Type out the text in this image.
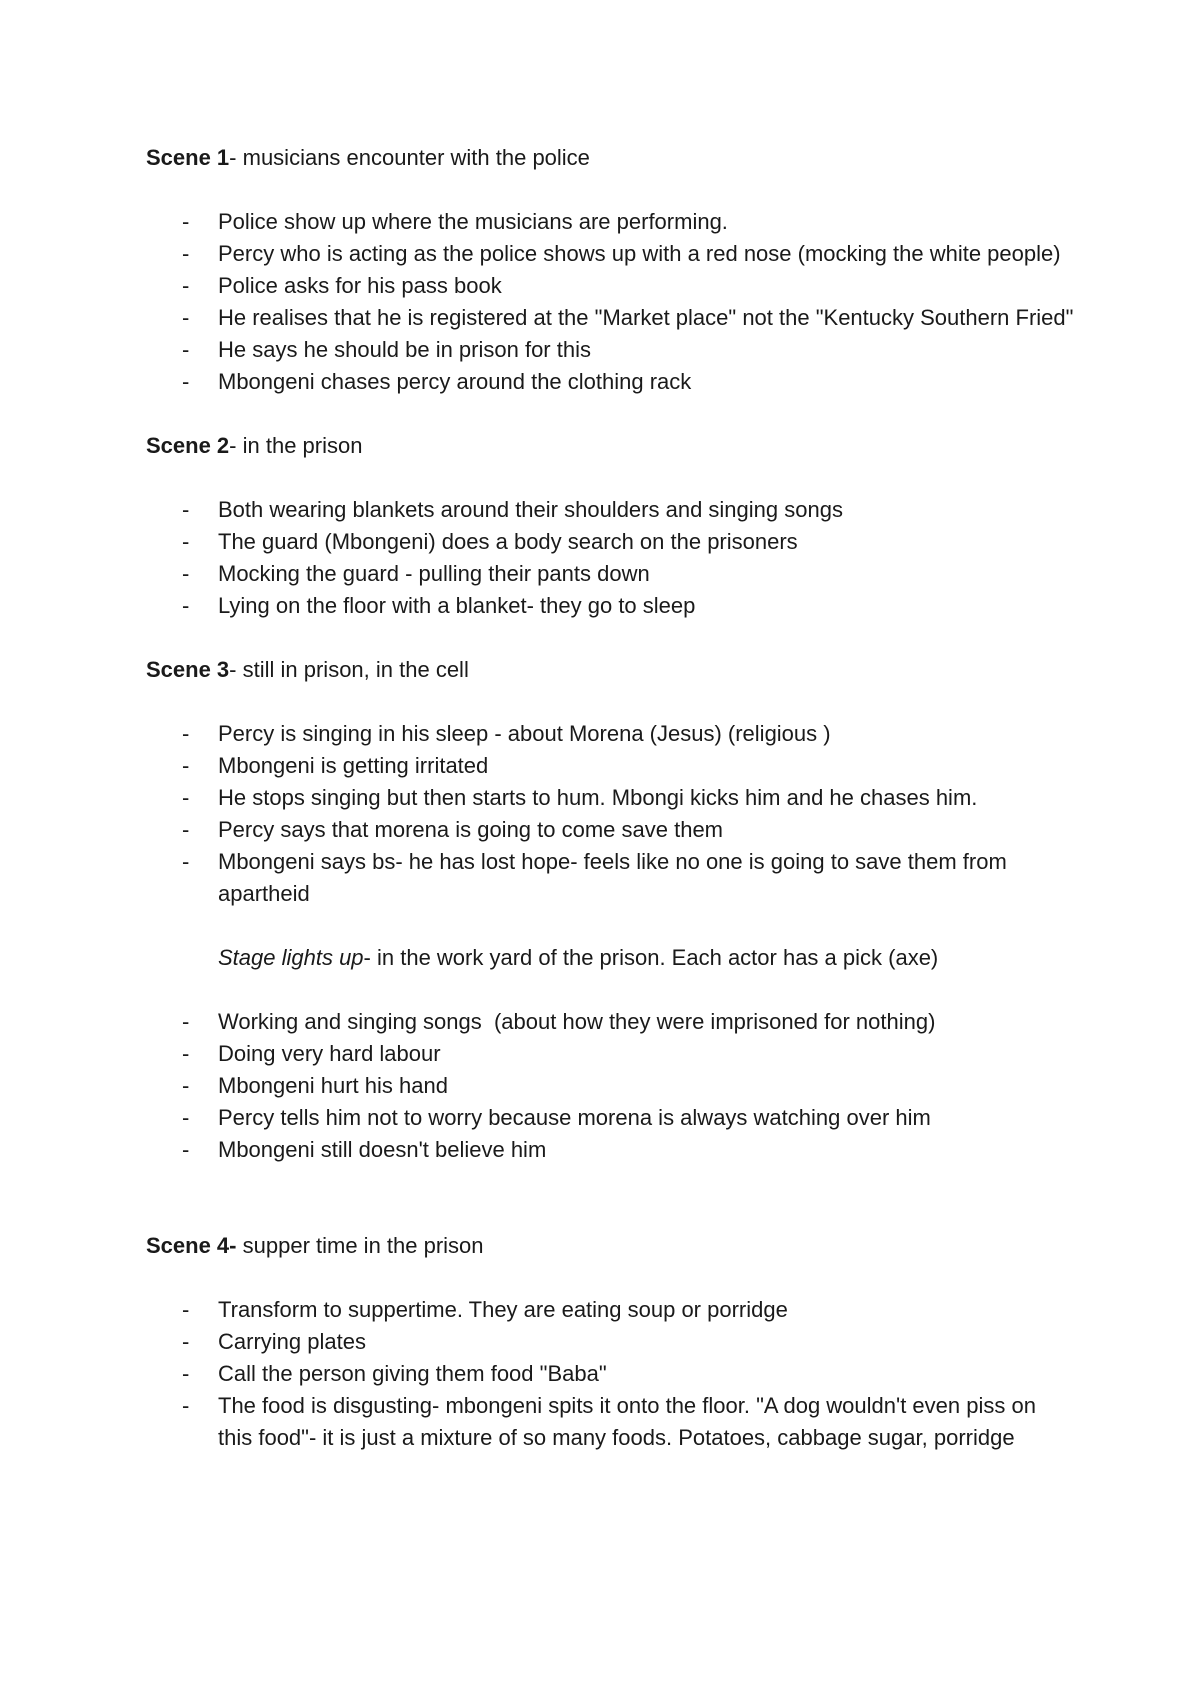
Scene 1- musicians encounter with the police

- Police show up where the musicians are performing.
- Percy who is acting as the police shows up with a red nose (mocking the white people)
- Police asks for his pass book
- He realises that he is registered at the "Market place" not the "Kentucky Southern Fried"
- He says he should be in prison for this
- Mbongeni chases percy around the clothing rack

Scene 2- in the prison

- Both wearing blankets around their shoulders and singing songs
- The guard (Mbongeni) does a body search on the prisoners
- Mocking the guard - pulling their pants down
- Lying on the floor with a blanket- they go to sleep

Scene 3- still in prison, in the cell

- Percy is singing in his sleep - about Morena (Jesus) (religious )
- Mbongeni is getting irritated
- He stops singing but then starts to hum. Mbongi kicks him and he chases him.
- Percy says that morena is going to come save them
- Mbongeni says bs- he has lost hope- feels like no one is going to save them from apartheid
Stage lights up- in the work yard of the prison. Each actor has a pick (axe)
- Working and singing songs  (about how they were imprisoned for nothing)
- Doing very hard labour
- Mbongeni hurt his hand
- Percy tells him not to worry because morena is always watching over him
- Mbongeni still doesn't believe him

Scene 4- supper time in the prison

- Transform to suppertime. They are eating soup or porridge
- Carrying plates
- Call the person giving them food "Baba"
- The food is disgusting- mbongeni spits it onto the floor. "A dog wouldn't even piss on this food"- it is just a mixture of so many foods. Potatoes, cabbage sugar, porridge
